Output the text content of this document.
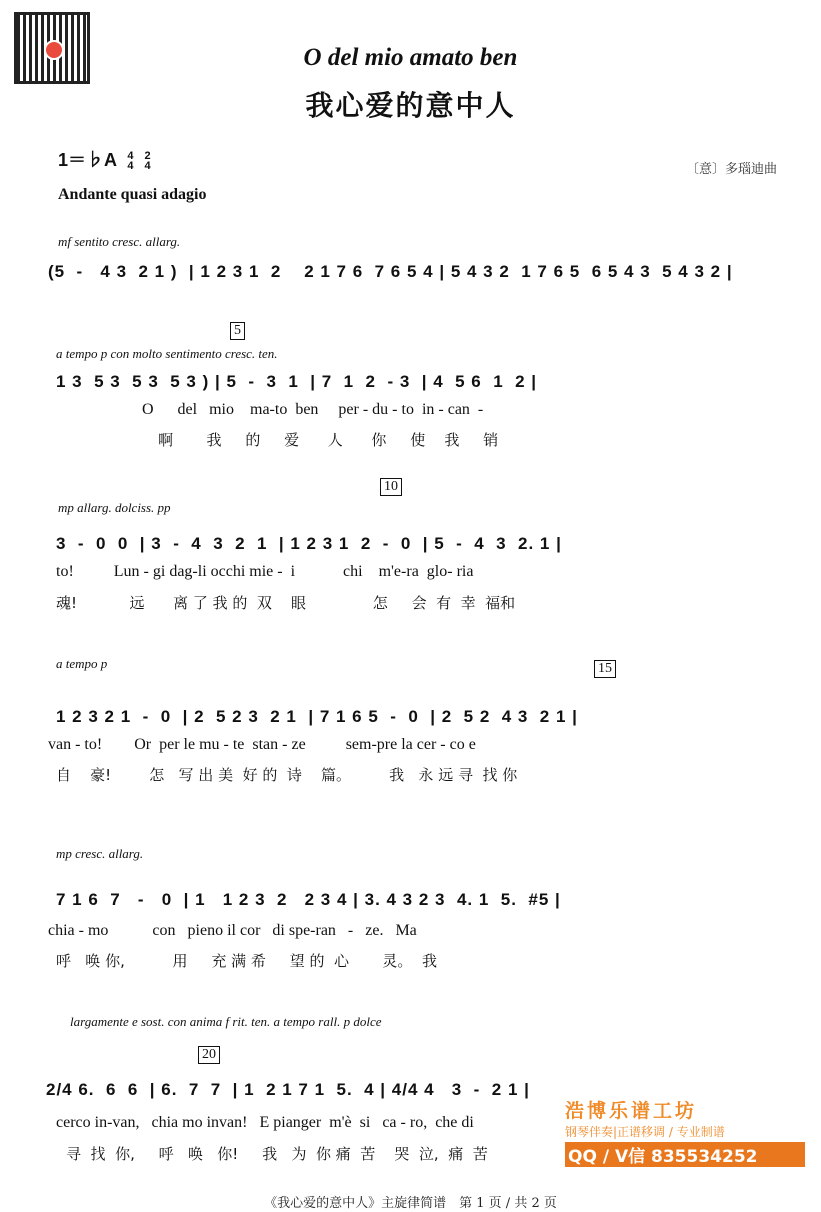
O del mio amato ben
我心爱的意中人
1＝♭A 4
4 2
4	〔意〕多瑙迪曲
Andante quasi adagio
mf sentito cresc. allarg.
(5  -   4 3  2 1 )  | 1 2 3 1  2    2 1 7 6  7 6 5 4 | 5 4 3 2  1 7 6 5  6 5 4 3  5 4 3 2 |
5
a tempo p con molto sentimento cresc. ten.
1 3  5 3  5 3  5 3 ) | 5  -  3  1  | 7  1  2  - 3  | 4  5 6  1  2 |
O      del   mio    ma-to  ben     per - du - to  in - can  -
啊       我     的     爱      人      你     使    我     销
10
mp allarg. dolciss. pp
3  -  0  0  | 3  -  4  3  2  1  | 1 2 3 1  2  -  0  | 5  -  4  3  2. 1 |
to!          Lun - gi dag-li occhi mie -  i            chi    m'e-ra  glo- ria
魂!           远      离 了 我 的  双    眼              怎     会  有  幸  福和
15
a tempo p
1 2 3 2 1  -  0  | 2  5 2 3  2 1  | 7 1 6 5  -  0  | 2  5 2  4 3  2 1 |
van - to!        Or  per le mu - te  stan - ze          sem-pre la cer - co e
自    豪!        怎   写 出 美  好 的  诗    篇。        我   永 远 寻  找 你
mp cresc. allarg.
7 1 6  7   -   0  | 1   1 2 3  2   2 3 4 | 3. 4 3 2 3  4. 1  5.  #5 |
chia - mo           con   pieno il cor   di spe-ran   -   ze.   Ma
呼   唤 你,          用     充 满 希     望 的  心       灵。  我
20
largamente e sost. con anima f rit. ten. a tempo rall. p dolce
2/4 6.  6  6  | 6.  7  7  | 1  2 1 7 1  5.  4 | 4/4 4   3  -  2 1 |
cerco in-van,   chia mo invan!   E pianger  m'è  si   ca - ro,  che di
寻  找  你,     呼   唤   你!     我   为  你 痛  苦    哭  泣,  痛  苦
浩博乐谱工坊
钢琴伴奏|正谱移调 / 专业制谱
QQ / V信 835534252
《我心爱的意中人》主旋律简谱　第 1 页 / 共 2 页
